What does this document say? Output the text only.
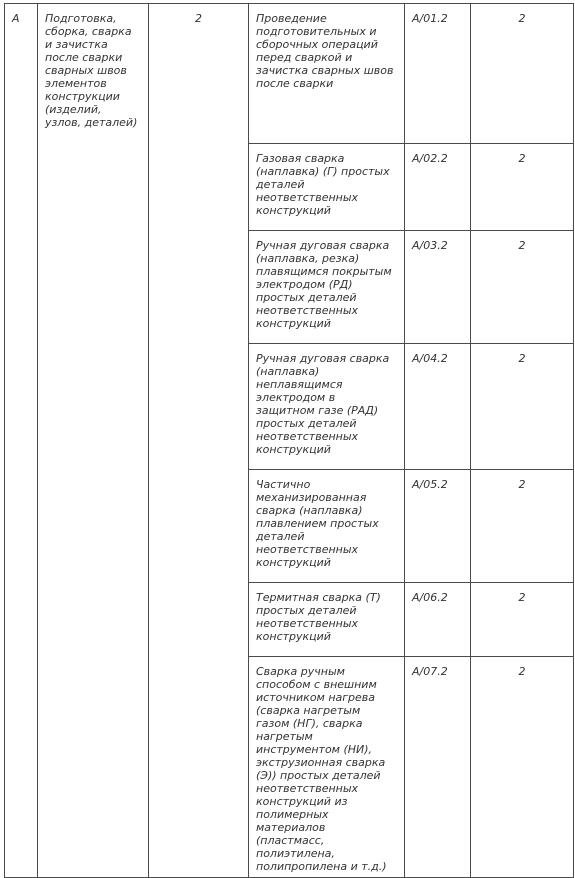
А	Подготовка, сборка, сварка и зачистка после сварки сварных швов элементов конструкции (изделий, узлов, деталей)	2	Проведение подготовительных и сборочных операций перед сваркой и зачистка сварных швов после сварки	А/01.2	2
			Газовая сварка (наплавка) (Г) простых деталей неответственных конструкций	А/02.2	2
			Ручная дуговая сварка (наплавка, резка) плавящимся покрытым электродом (РД) простых деталей неответственных конструкций	А/03.2	2
			Ручная дуговая сварка (наплавка) неплавящимся электродом в защитном газе (РАД) простых деталей неответственных конструкций	А/04.2	2
			Частично механизированная сварка (наплавка) плавлением простых деталей неответственных конструкций	А/05.2	2
			Термитная сварка (Т) простых деталей неответственных конструкций	А/06.2	2
			Сварка ручным способом с внешним источником нагрева (сварка нагретым газом (НГ), сварка нагретым инструментом (НИ), экструзионная сварка (Э)) простых деталей неответственных конструкций из полимерных материалов (пластмасс, полиэтилена, полипропилена и т.д.)	А/07.2	2
